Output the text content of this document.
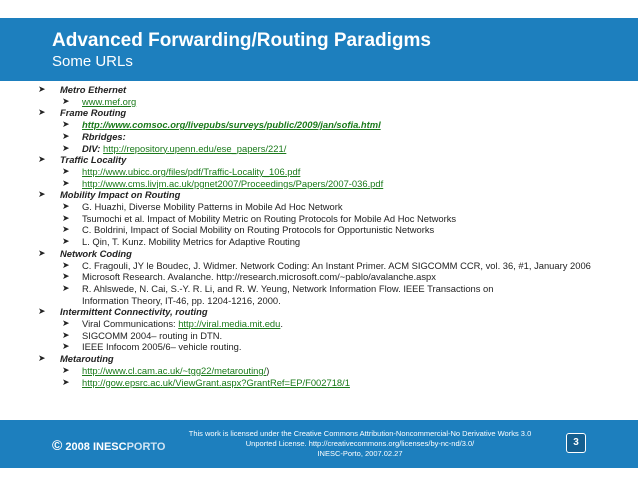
Advanced Forwarding/Routing Paradigms
Some URLs
➤	Metro Ethernet
➤	www.mef.org
➤	Frame Routing
➤	http://www.comsoc.org/livepubs/surveys/public/2009/jan/sofia.html
➤	Rbridges:
➤	DIV: http://repository.upenn.edu/ese_papers/221/
➤	Traffic Locality
➤	http://www.ubicc.org/files/pdf/Traffic-Locality_106.pdf
➤	http://www.cms.livjm.ac.uk/pgnet2007/Proceedings/Papers/2007-036.pdf
➤	Mobility Impact on Routing
➤	G. Huazhi, Diverse Mobility Patterns in Mobile Ad Hoc Network
➤	Tsumochi et al. Impact of Mobility Metric on Routing Protocols for Mobile Ad Hoc Networks
➤	C. Boldrini, Impact of Social Mobility on Routing Protocols for Opportunistic Networks
➤	L. Qin, T. Kunz. Mobility Metrics for Adaptive Routing
➤	Network Coding
➤	C. Fragouli, JY le Boudec, J. Widmer. Network Coding: An Instant Primer. ACM SIGCOMM CCR, vol. 36, #1, January 2006
➤	Microsoft Research. Avalanche. http://research.microsoft.com/~pablo/avalanche.aspx
➤	R. Ahlswede, N. Cai, S.-Y. R. Li, and R. W. Yeung, Network Information Flow. IEEE Transactions on Information Theory, IT-46, pp. 1204-1216, 2000.
➤	Intermittent Connectivity, routing
➤	Viral Communications: http://viral.media.mit.edu.
➤	SIGCOMM 2004– routing in DTN.
➤	IEEE Infocom 2005/6– vehicle routing.
➤	Metarouting
➤	http://www.cl.cam.ac.uk/~tgg22/metarouting/)
➤	http://gow.epsrc.ac.uk/ViewGrant.aspx?GrantRef=EP/F002718/1
© 2008 INESCPORTO
This work is licensed under the Creative Commons Attribution-Noncommercial-No Derivative Works 3.0
Unported License. http://creativecommons.org/licenses/by-nc-nd/3.0/
INESC-Porto, 2007.02.27
3
